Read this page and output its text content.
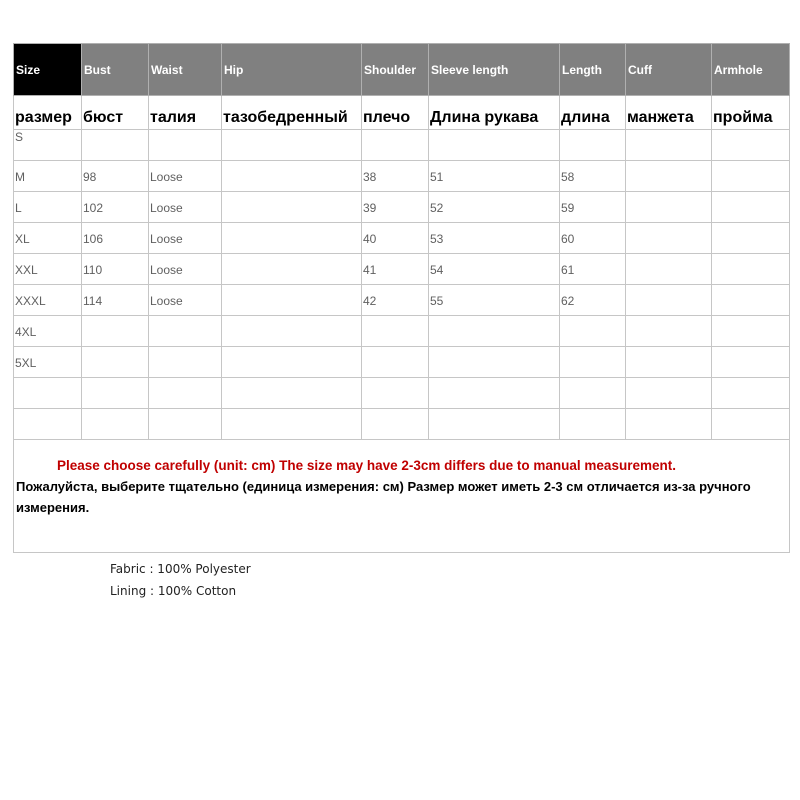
Size	Bust	Waist	Hip	Shoulder	Sleeve length	Length	Cuff	Armhole
размер	бюст	талия	тазобедренный	плечо	Длина рукава	длина	манжета	пройма
S								
M	98	Loose		38	51	58		
L	102	Loose		39	52	59		
XL	106	Loose		40	53	60		
XXL	110	Loose		41	54	61		
XXXL	114	Loose		42	55	62		
4XL								
5XL								

Please choose carefully (unit: cm) The size may have 2-3cm differs due to manual measurement.
Пожалуйста, выберите тщательно (единица измерения: см) Размер может иметь 2-3 см отличается из-за ручного измерения.								
Fabric : 100% Polyester
Lining : 100% Cotton
